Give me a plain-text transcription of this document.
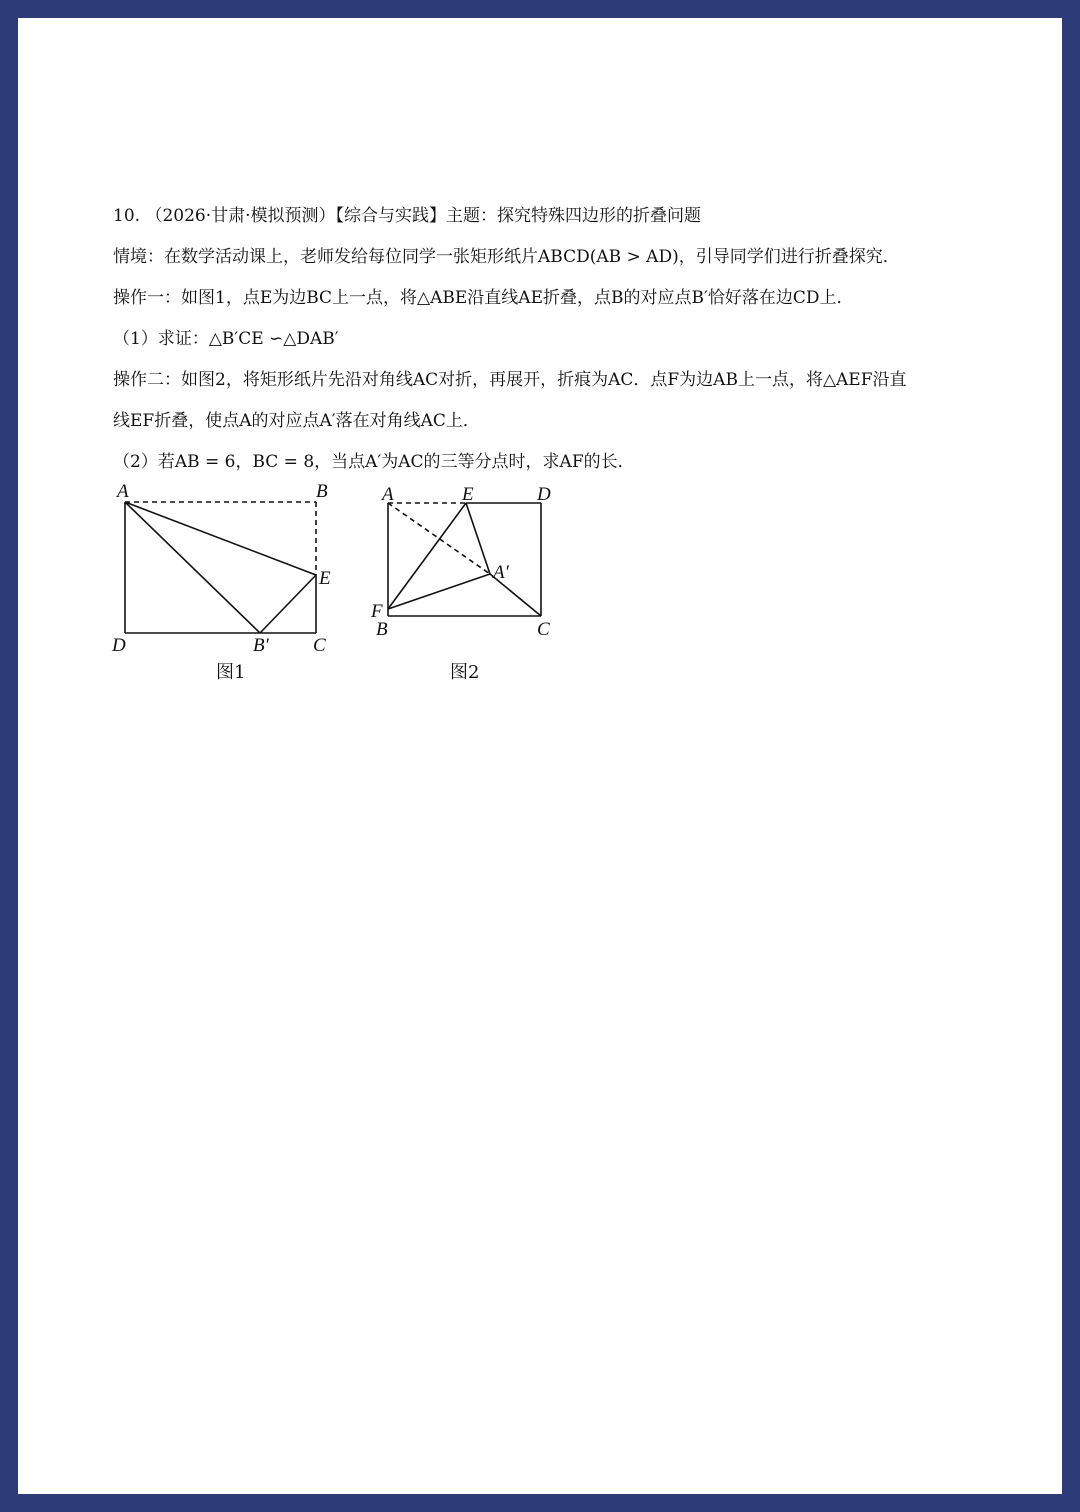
10. （2026·甘肃·模拟预测）【综合与实践】主题：探究特殊四边形的折叠问题
情境：在数学活动课上，老师发给每位同学一张矩形纸片ABCD(AB > AD)，引导同学们进行折叠探究．
操作一：如图1，点E为边BC上一点，将△ABE沿直线AE折叠，点B的对应点B′恰好落在边CD上．
（1）求证：△B′CE ∽△DAB′
操作二：如图2，将矩形纸片先沿对角线AC对折，再展开，折痕为AC．点F为边AB上一点，将△AEF沿直
线EF折叠，使点A的对应点A′落在对角线AC上．
（2）若AB = 6，BC = 8，当点A′为AC的三等分点时，求AF的长．
A	B
E
D	B′ C
图1
A	E	D
A′
F
B	C
图2
